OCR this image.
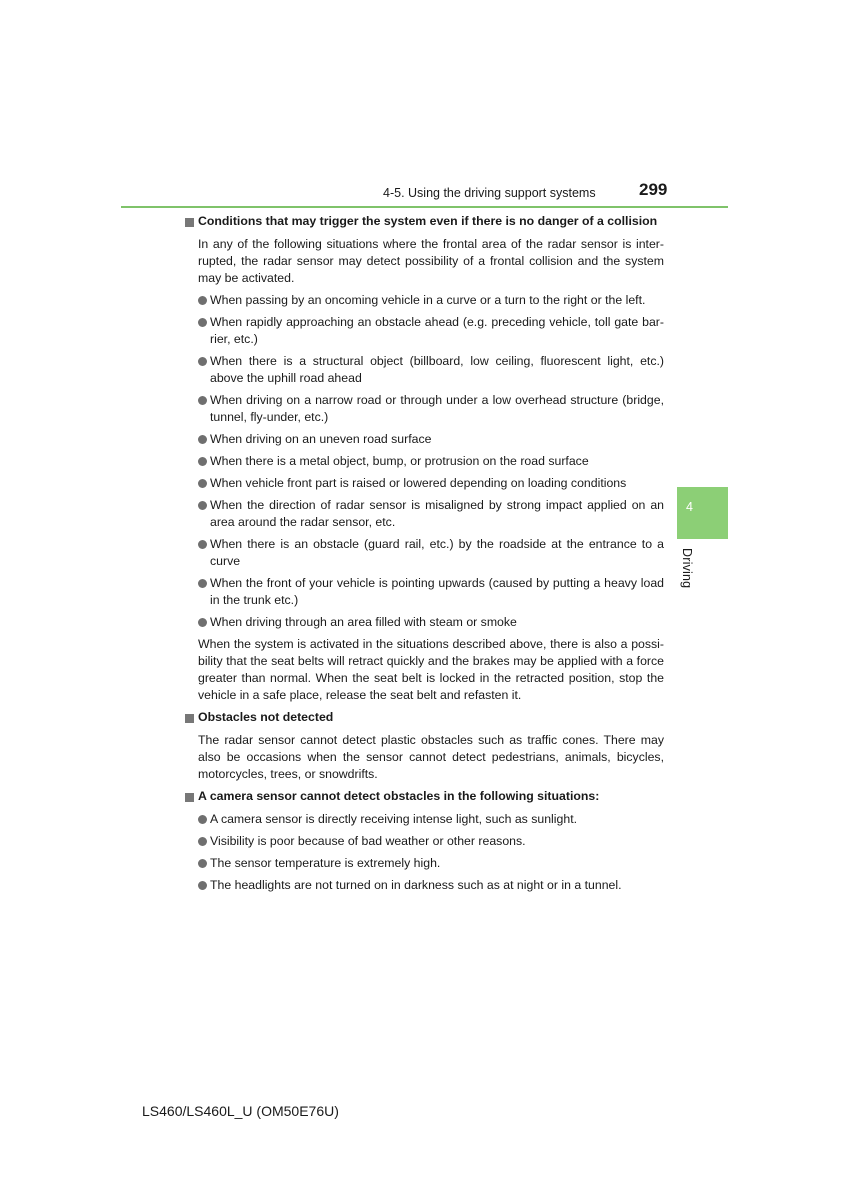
4-5. Using the driving support systems	299
4
Driving
Conditions that may trigger the system even if there is no danger of a collision

In any of the following situations where the frontal area of the radar sensor is inter-rupted, the radar sensor may detect possibility of a frontal collision and the system may be activated.

When passing by an oncoming vehicle in a curve or a turn to the right or the left.
When rapidly approaching an obstacle ahead (e.g. preceding vehicle, toll gate bar-rier, etc.)
When there is a structural object (billboard, low ceiling, fluorescent light, etc.) above the uphill road ahead
When driving on a narrow road or through under a low overhead structure (bridge, tunnel, fly-under, etc.)
When driving on an uneven road surface
When there is a metal object, bump, or protrusion on the road surface
When vehicle front part is raised or lowered depending on loading conditions
When the direction of radar sensor is misaligned by strong impact applied on an area around the radar sensor, etc.
When there is an obstacle (guard rail, etc.) by the roadside at the entrance to a curve
When the front of your vehicle is pointing upwards (caused by putting a heavy load in the trunk etc.)
When driving through an area filled with steam or smoke

When the system is activated in the situations described above, there is also a possi-bility that the seat belts will retract quickly and the brakes may be applied with a force greater than normal. When the seat belt is locked in the retracted position, stop the vehicle in a safe place, release the seat belt and refasten it.

Obstacles not detected

The radar sensor cannot detect plastic obstacles such as traffic cones. There may also be occasions when the sensor cannot detect pedestrians, animals, bicycles, motorcycles, trees, or snowdrifts.

A camera sensor cannot detect obstacles in the following situations:
A camera sensor is directly receiving intense light, such as sunlight.
Visibility is poor because of bad weather or other reasons.
The sensor temperature is extremely high.
The headlights are not turned on in darkness such as at night or in a tunnel.
LS460/LS460L_U (OM50E76U)
